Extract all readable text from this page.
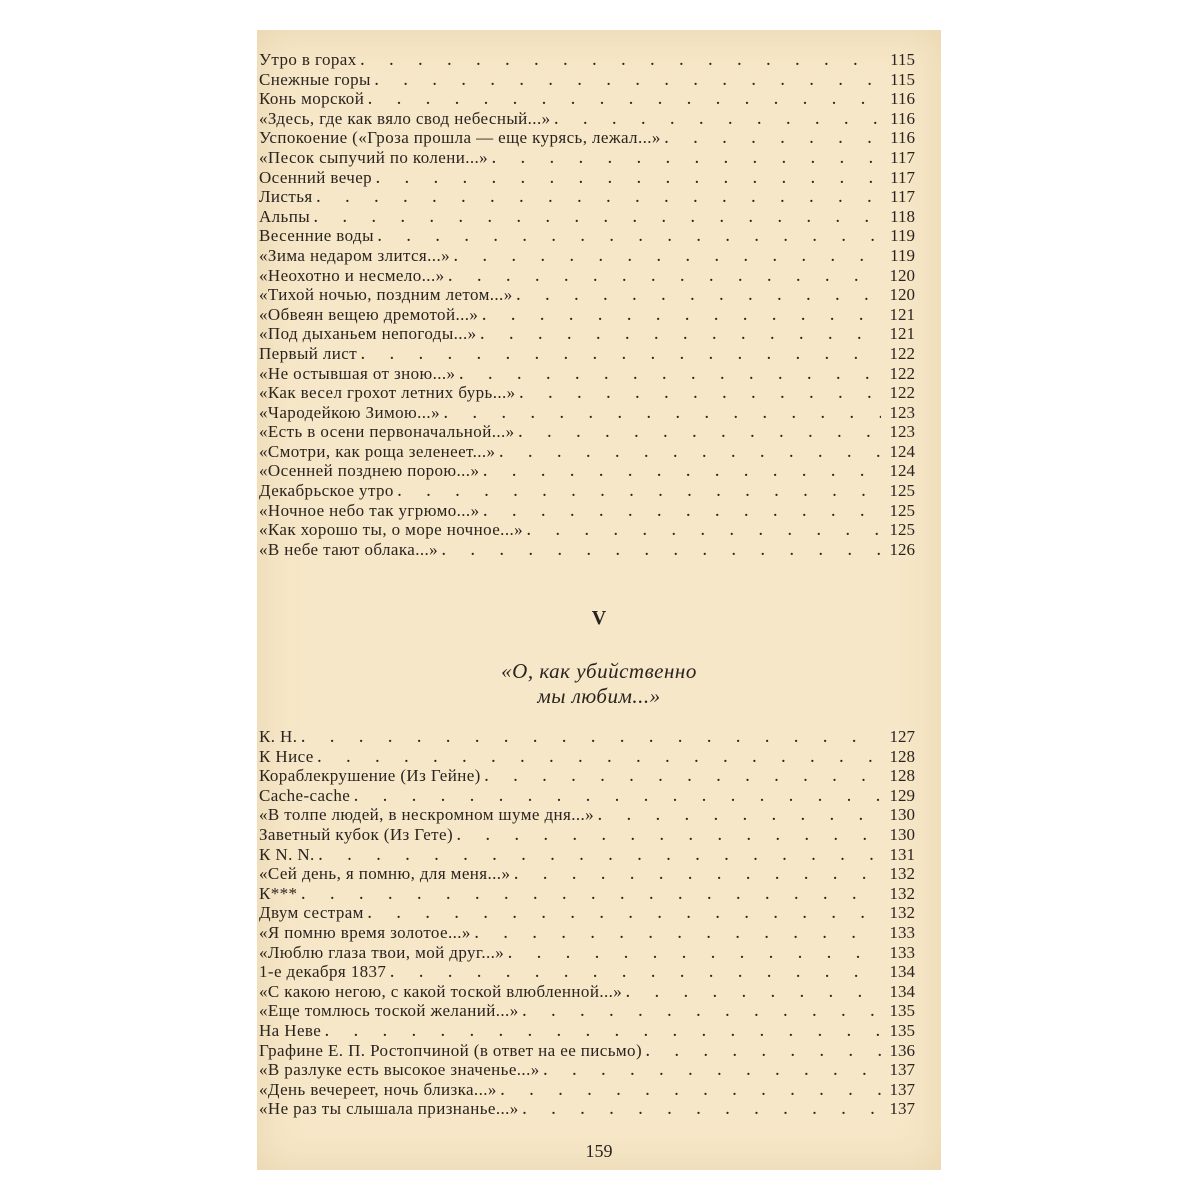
Утро в горах . . .	115
Снежные горы . . .	115
Конь морской . . .	116
«Здесь, где как вяло свод небесный...» . . .	116
Успокоение («Гроза прошла — еще курясь, лежал...» . . .	116
«Песок сыпучий по колени...» . . .	117
Осенний вечер . . .	117
Листья . . .	117
Альпы . . .	118
Весенние воды . . .	119
«Зима недаром злится...» . . .	119
«Неохотно и несмело...» . . .	120
«Тихой ночью, поздним летом...» . . .	120
«Обвеян вещею дремотой...» . . .	121
«Под дыханьем непогоды...» . . .	121
Первый лист . . .	122
«Не остывшая от зною...» . . .	122
«Как весел грохот летних бурь...» . . .	122
«Чародейкою Зимою...» . . .	123
«Есть в осени первоначальной...» . . .	123
«Смотри, как роща зеленеет...» . . .	124
«Осенней позднею порою...» . . .	124
Декабрьское утро . . .	125
«Ночное небо так угрюмо...» . . .	125
«Как хорошо ты, о море ночное...» . . .	125
«В небе тают облака...» . . .	126
V
«О, как убийственно
мы любим...»
К. Н. . . .	127
К Нисе . . .	128
Кораблекрушение (Из Гейне) . . .	128
Cache-cache . . .	129
«В толпе людей, в нескромном шуме дня...» . . .	130
Заветный кубок (Из Гете) . . .	130
К N. N. . . .	131
«Сей день, я помню, для меня...» . . .	132
К*** . . .	132
Двум сестрам . . .	132
«Я помню время золотое...» . . .	133
«Люблю глаза твои, мой друг...» . . .	133
1-е декабря 1837 . . .	134
«С какою негою, с какой тоской влюбленной...» . . .	134
«Еще томлюсь тоской желаний...» . . .	135
На Неве . . .	135
Графине Е. П. Ростопчиной (в ответ на ее письмо) . . .	136
«В разлуке есть высокое значенье...» . . .	137
«День вечереет, ночь близка...» . . .	137
«Не раз ты слышала признанье...» . . .	137
159
